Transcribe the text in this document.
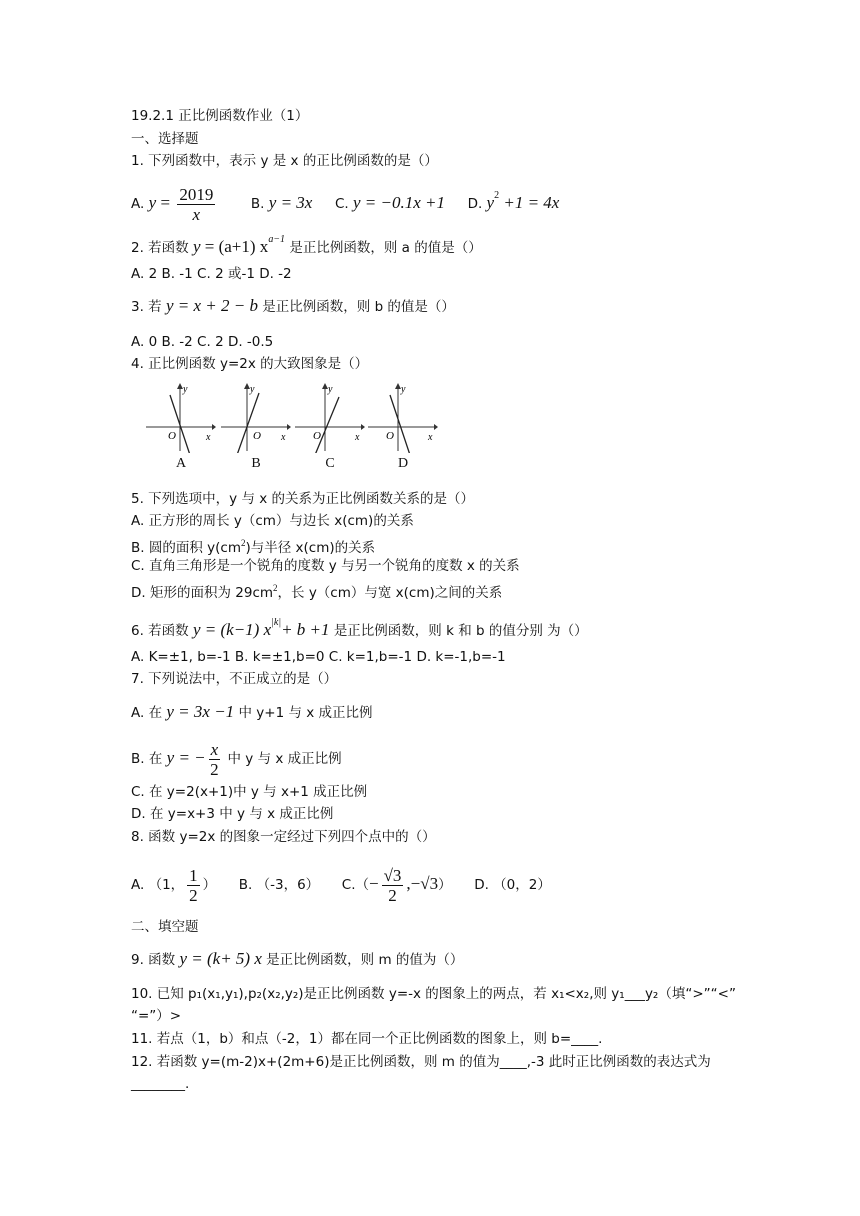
19.2.1 正比例函数作业（1）
一、选择题
1. 下列函数中，表示 y 是 x 的正比例函数的是（）
A. $y = \frac{2019}{x}$	B. y = 3x C. y = −0.1x +1 D. $y^2 +1 = 4x$
2. 若函数 y = (a+1) $x^{a-1}$ 是正比例函数，则 a 的值是（）
A. 2 B. -1 C. 2 或-1 D. -2
3. 若 y = x + 2 − b 是正比例函数，则 b 的值是（）
A. 0 B. -2 C. 2 D. -0.5
4. 正比例函数 y=2x 的大致图象是（）
y
x
O
A
y
x
O
B
y
x
O
C
y
x
O
D
5. 下列选项中，y 与 x 的关系为正比例函数关系的是（）
A. 正方形的周长 y（cm）与边长 x(cm)的关系
B. 圆的面积 $y(cm^2)$与半径 x(cm)的关系
C. 直角三角形是一个锐角的度数 y 与另一个锐角的度数 x 的关系
D. 矩形的面积为 $29cm^2$，长 y（cm）与宽 x(cm)之间的关系
6. 若函数 y = (k−1) $x^{|k|}+ b +1$ 是正比例函数，则 k 和 b 的值分别 为（）
A. K=±1, b=-1 B. k=±1,b=0 C. k=1,b=-1 D. k=-1,b=-1
7. 下列说法中，不正成立的是（）
A. 在 y = 3x −1 中 y+1 与 x 成正比例
B. 在 y = − $\frac{x}{2}$ 中 y 与 x 成正比例
C. 在 y=2(x+1)中 y 与 x+1 成正比例
D. 在 y=x+3 中 y 与 x 成正比例
8. 函数 y=2x 的图象一定经过下列四个点中的（）
A. （1， $\frac{1}{2}$ ） B. （-3，6） $C.(- \frac{√3}{2} ,-√3)$ D. （0，2）
二、填空题
9. 函数 y = (k+ 5) x 是正比例函数，则 m 的值为（）
10. 已知 p₁(x₁,y₁),p₂(x₂,y₂)是正比例函数 y=-x 的图象上的两点，若 x₁<x₂,则 y₁___y₂（填“>”“<”
“=”）>
11. 若点（1，b）和点（-2，1）都在同一个正比例函数的图象上，则 b=____.
12. 若函数 y=(m-2)x+(2m+6)是正比例函数，则 m 的值为____,-3 此时正比例函数的表达式为
________.
